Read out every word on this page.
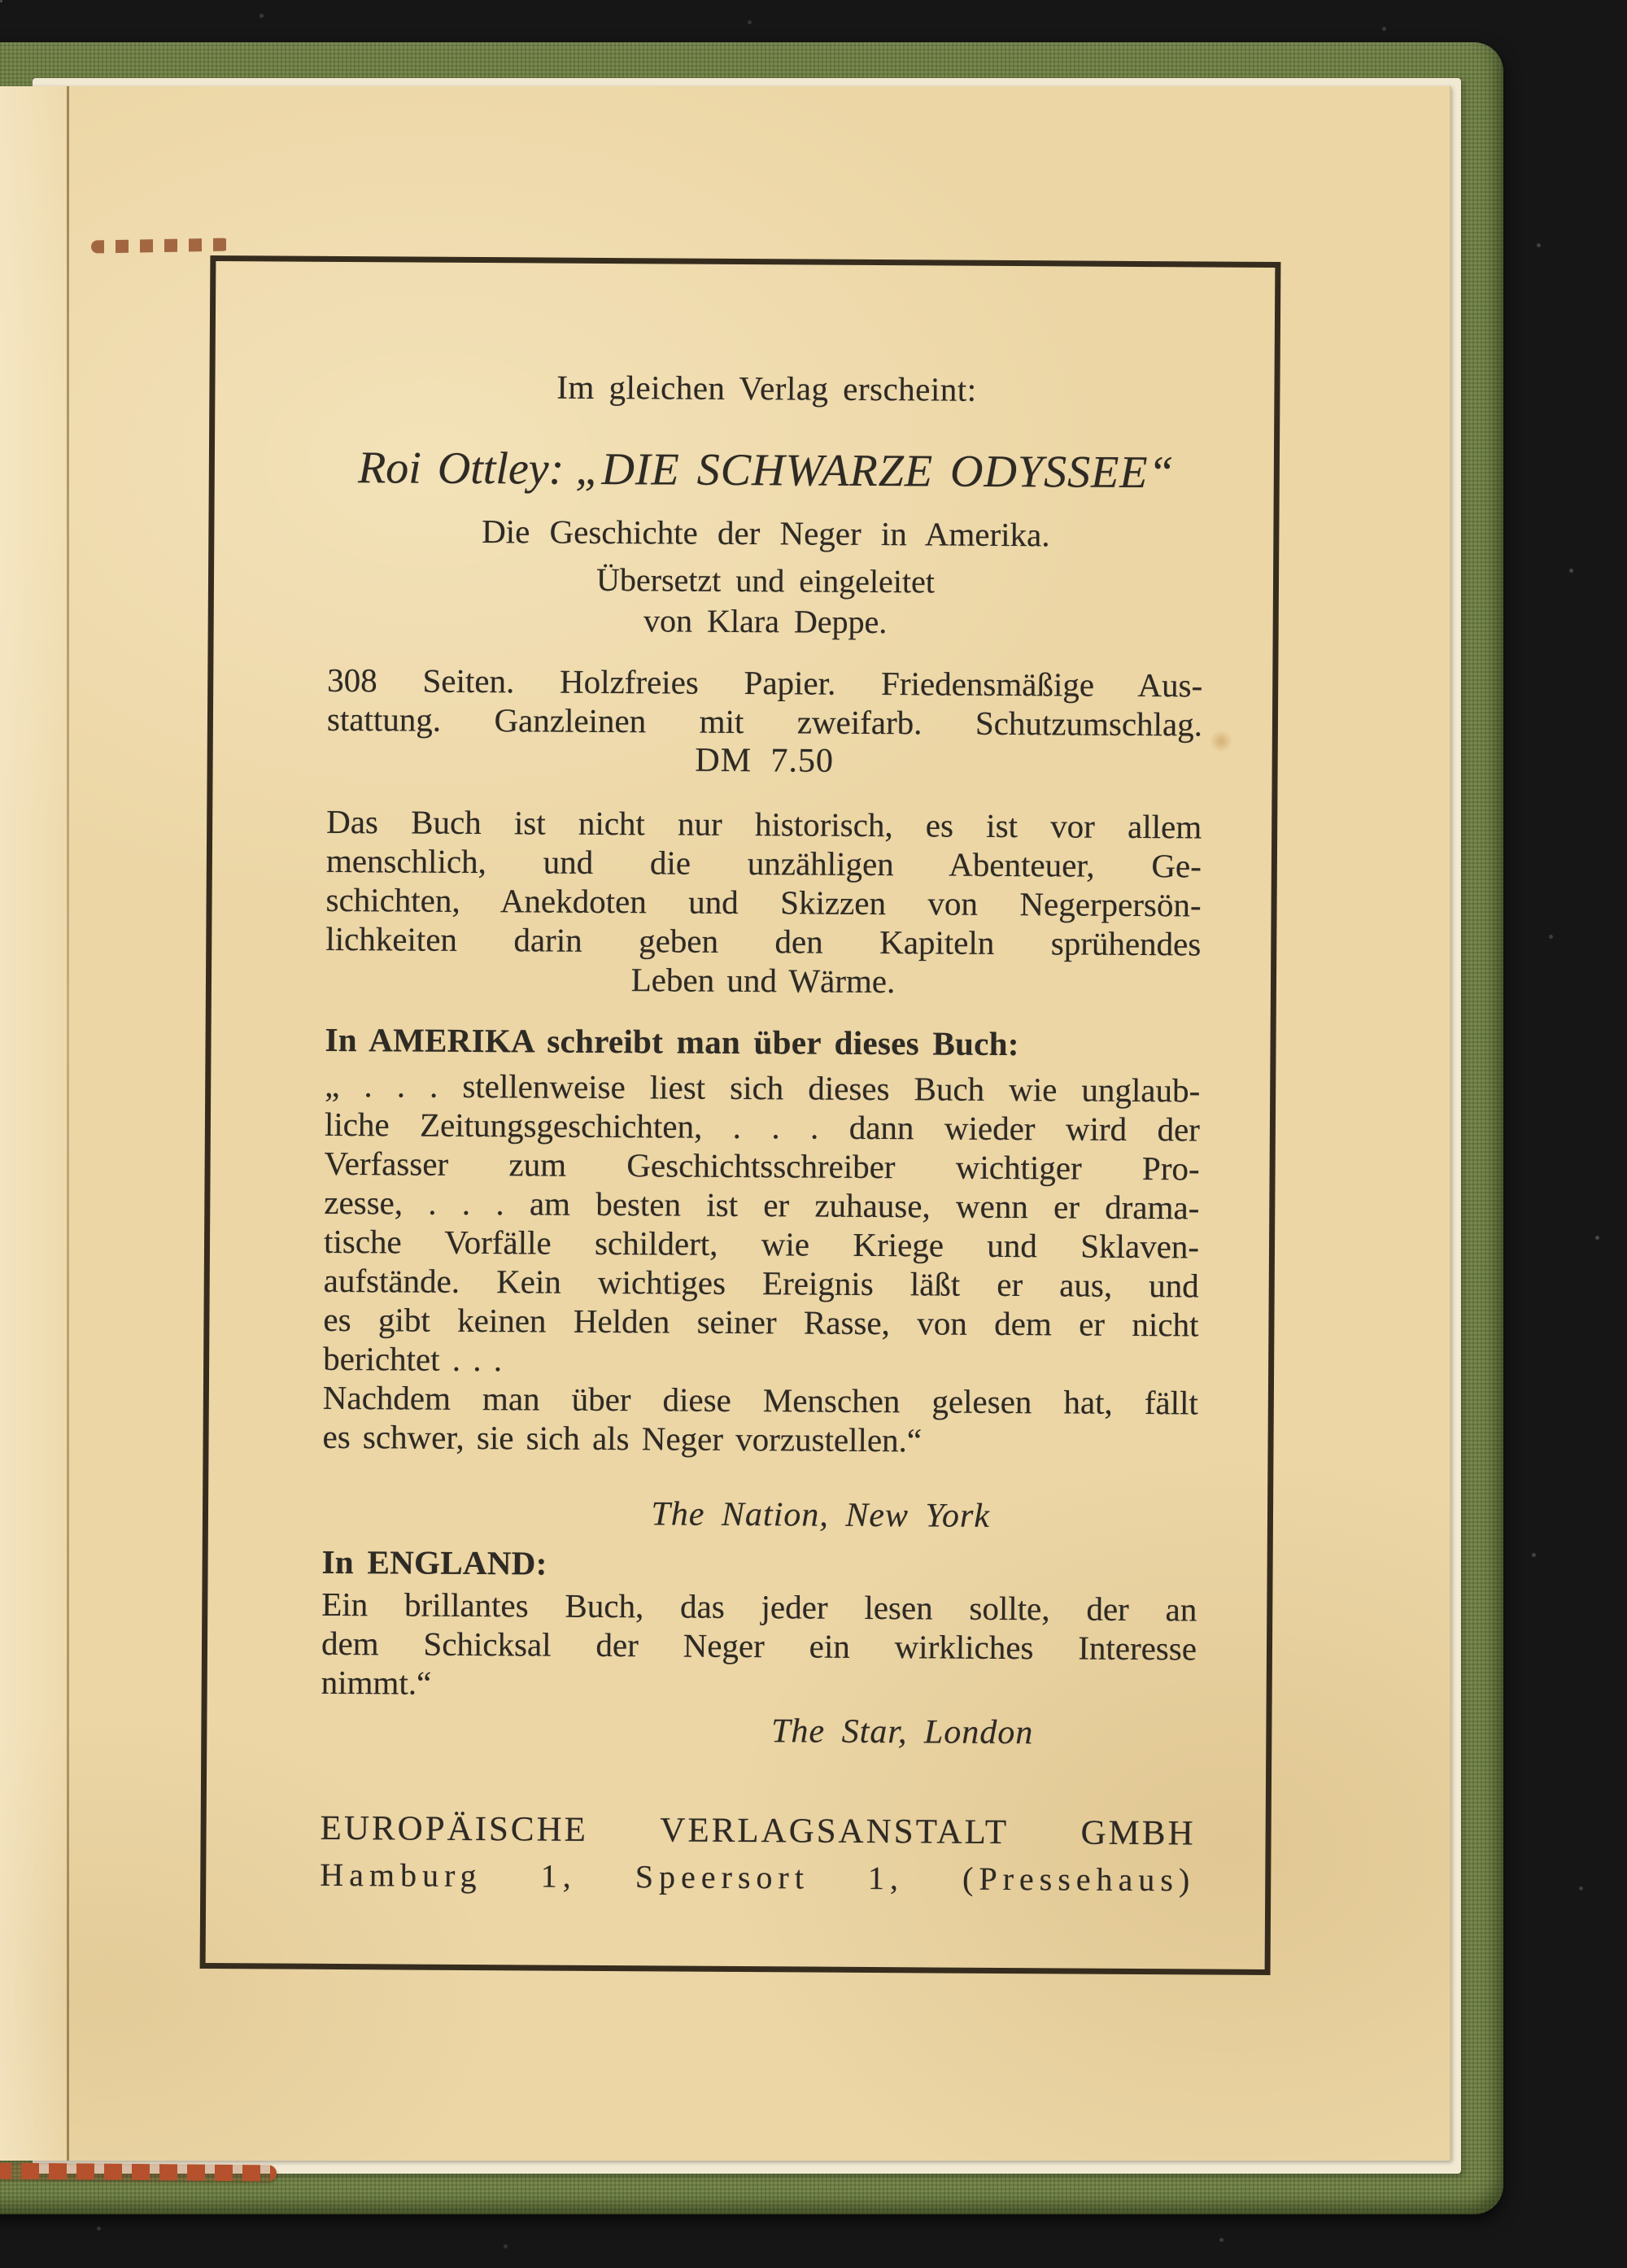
Im gleichen Verlag erscheint:
Roi Ottley: „DIE SCHWARZE ODYSSEE“
Die Geschichte der Neger in Amerika.
Übersetzt und eingeleitet
von Klara Deppe.
308 Seiten. Holzfreies Papier. Friedensmäßige Aus-
stattung. Ganzleinen mit zweifarb. Schutzumschlag.
DM 7.50
Das Buch ist nicht nur historisch, es ist vor allem
menschlich, und die unzähligen Abenteuer, Ge-
schichten, Anekdoten und Skizzen von Negerpersön-
lichkeiten darin geben den Kapiteln sprühendes
Leben und Wärme.
In AMERIKA schreibt man über dieses Buch:
„ . . . stellenweise liest sich dieses Buch wie unglaub-
liche Zeitungsgeschichten, . . . dann wieder wird der
Verfasser zum Geschichtsschreiber wichtiger Pro-
zesse, . . . am besten ist er zuhause, wenn er drama-
tische Vorfälle schildert, wie Kriege und Sklaven-
aufstände. Kein wichtiges Ereignis läßt er aus, und
es gibt keinen Helden seiner Rasse, von dem er nicht
berichtet . . .
Nachdem man über diese Menschen gelesen hat, fällt
es schwer, sie sich als Neger vorzustellen.“
The Nation, New York
In ENGLAND:
Ein brillantes Buch, das jeder lesen sollte, der an
dem Schicksal der Neger ein wirkliches Interesse
nimmt.“
The Star, London
EUROPÄISCHE VERLAGSANSTALT GMBH
Hamburg 1, Speersort 1, (Pressehaus)
